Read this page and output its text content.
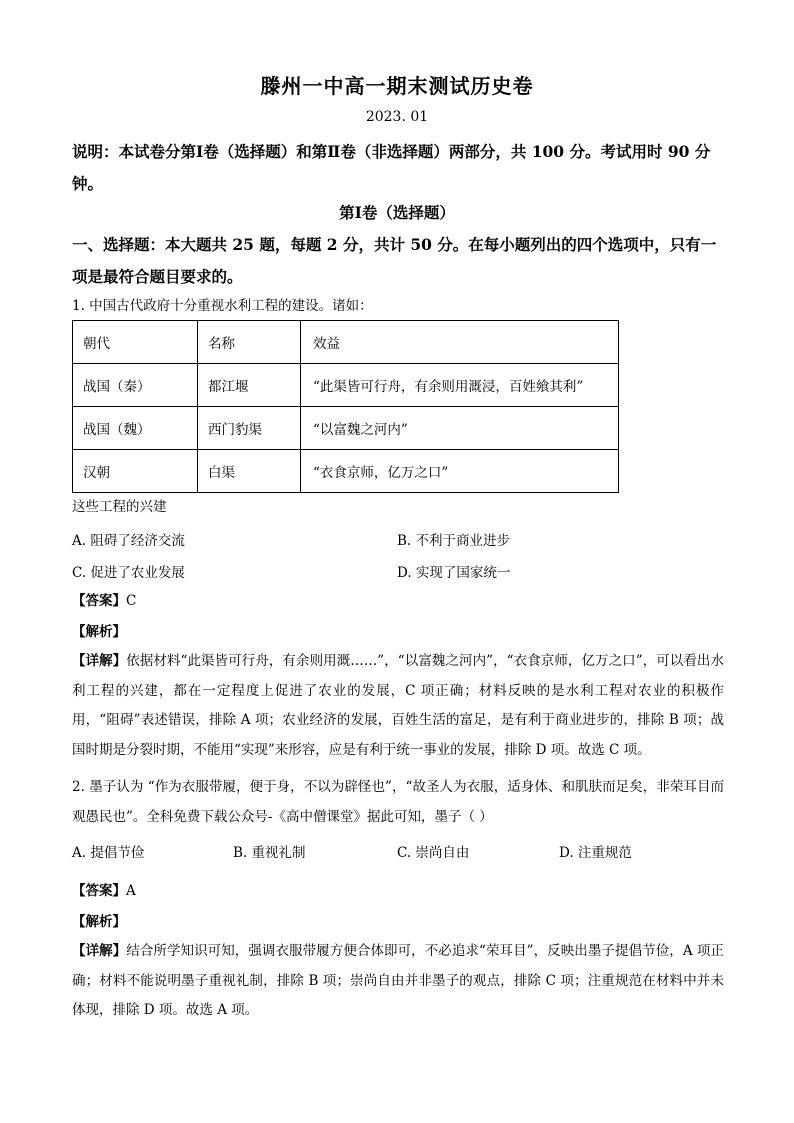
滕州一中高一期末测试历史卷
2023. 01
说明：本试卷分第Ⅰ卷（选择题）和第Ⅱ卷（非选择题）两部分，共 100 分。考试用时 90 分钟。
第Ⅰ卷（选择题）
一、选择题：本大题共 25 题，每题 2 分，共计 50 分。在每小题列出的四个选项中，只有一项是最符合题目要求的。
1. 中国古代政府十分重视水利工程的建设。诸如：
朝代	名称	效益
战国（秦）	都江堰	“此渠皆可行舟，有余则用溉浸，百姓飨其利”
战国（魏）	西门豹渠	“以富魏之河内”
汉朝	白渠	“衣食京师，亿万之口”
这些工程的兴建
A. 阻碍了经济交流	B. 不利于商业进步
C. 促进了农业发展	D. 实现了国家统一
【答案】C
【解析】
【详解】依据材料“此渠皆可行舟，有余则用溉……”，“以富魏之河内”，“衣食京师，亿万之口”，可以看出水利工程的兴建，都在一定程度上促进了农业的发展，C 项正确；材料反映的是水利工程对农业的积极作用，“阻碍”表述错误，排除 A 项；农业经济的发展，百姓生活的富足，是有利于商业进步的，排除 B 项；战国时期是分裂时期，不能用“实现”来形容，应是有利于统一事业的发展，排除 D 项。故选 C 项。
2. 墨子认为 “作为衣服带履，便于身，不以为辟怪也”，“故圣人为衣服，适身体、和肌肤而足矣，非荣耳目而观愚民也”。全科免费下载公众号-《高中僧课堂》据此可知，墨子（ ）
A. 提倡节俭	B. 重视礼制	C. 崇尚自由	D. 注重规范
【答案】A
【解析】
【详解】结合所学知识可知，强调衣服带履方便合体即可，不必追求“荣耳目”，反映出墨子提倡节俭，A 项正确；材料不能说明墨子重视礼制，排除 B 项；崇尚自由并非墨子的观点，排除 C 项；注重规范在材料中并未体现，排除 D 项。故选 A 项。
